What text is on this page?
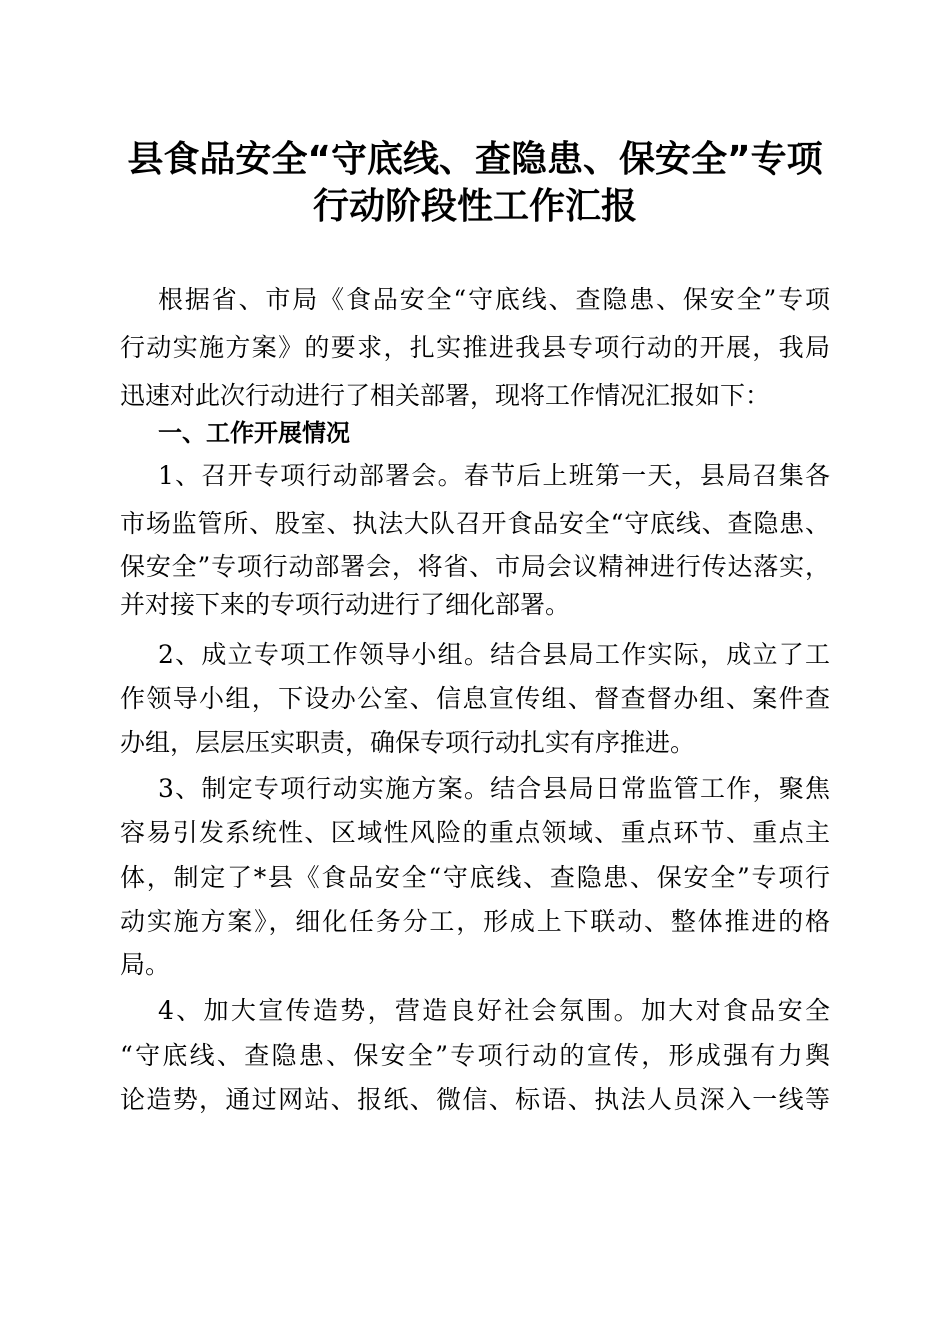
县食品安全“守底线、查隐患、保安全”专项
行动阶段性工作汇报
根据省、市局《食品安全“守底线、查隐患、保安全”专项
行动实施方案》的要求，扎实推进我县专项行动的开展，我局
迅速对此次行动进行了相关部署，现将工作情况汇报如下：
一、工作开展情况
1、召开专项行动部署会。春节后上班第一天，县局召集各
市场监管所、股室、执法大队召开食品安全“守底线、查隐患、
保安全”专项行动部署会，将省、市局会议精神进行传达落实，
并对接下来的专项行动进行了细化部署。
2、成立专项工作领导小组。结合县局工作实际，成立了工
作领导小组，下设办公室、信息宣传组、督查督办组、案件查
办组，层层压实职责，确保专项行动扎实有序推进。
3、制定专项行动实施方案。结合县局日常监管工作，聚焦
容易引发系统性、区域性风险的重点领域、重点环节、重点主
体，制定了*县《食品安全“守底线、查隐患、保安全”专项行
动实施方案》，细化任务分工，形成上下联动、整体推进的格
局。
4、加大宣传造势，营造良好社会氛围。加大对食品安全
“守底线、查隐患、保安全”专项行动的宣传，形成强有力舆
论造势，通过网站、报纸、微信、标语、执法人员深入一线等
